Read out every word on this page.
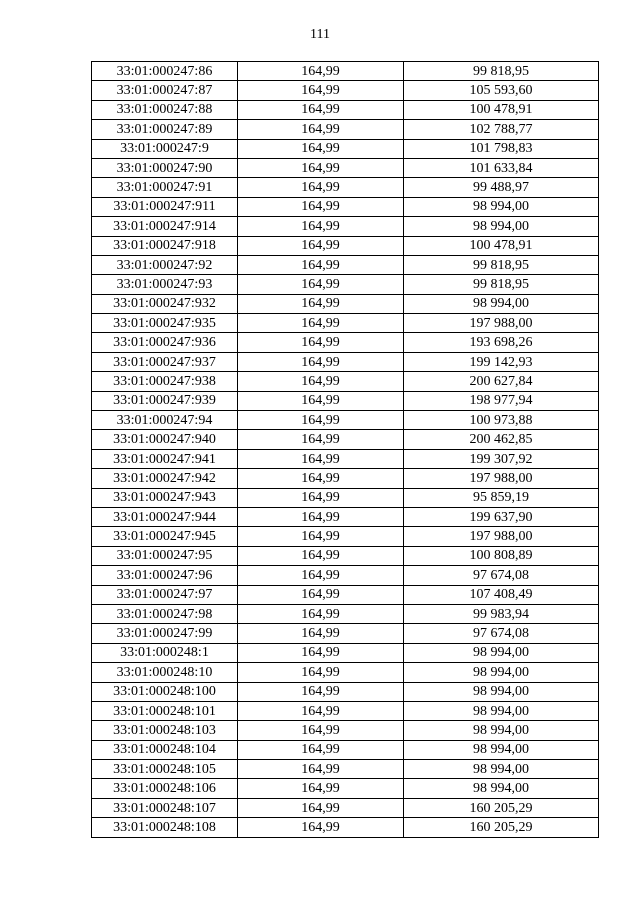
111
33:01:000247:86	164,99	99 818,95
33:01:000247:87	164,99	105 593,60
33:01:000247:88	164,99	100 478,91
33:01:000247:89	164,99	102 788,77
33:01:000247:9	164,99	101 798,83
33:01:000247:90	164,99	101 633,84
33:01:000247:91	164,99	99 488,97
33:01:000247:911	164,99	98 994,00
33:01:000247:914	164,99	98 994,00
33:01:000247:918	164,99	100 478,91
33:01:000247:92	164,99	99 818,95
33:01:000247:93	164,99	99 818,95
33:01:000247:932	164,99	98 994,00
33:01:000247:935	164,99	197 988,00
33:01:000247:936	164,99	193 698,26
33:01:000247:937	164,99	199 142,93
33:01:000247:938	164,99	200 627,84
33:01:000247:939	164,99	198 977,94
33:01:000247:94	164,99	100 973,88
33:01:000247:940	164,99	200 462,85
33:01:000247:941	164,99	199 307,92
33:01:000247:942	164,99	197 988,00
33:01:000247:943	164,99	95 859,19
33:01:000247:944	164,99	199 637,90
33:01:000247:945	164,99	197 988,00
33:01:000247:95	164,99	100 808,89
33:01:000247:96	164,99	97 674,08
33:01:000247:97	164,99	107 408,49
33:01:000247:98	164,99	99 983,94
33:01:000247:99	164,99	97 674,08
33:01:000248:1	164,99	98 994,00
33:01:000248:10	164,99	98 994,00
33:01:000248:100	164,99	98 994,00
33:01:000248:101	164,99	98 994,00
33:01:000248:103	164,99	98 994,00
33:01:000248:104	164,99	98 994,00
33:01:000248:105	164,99	98 994,00
33:01:000248:106	164,99	98 994,00
33:01:000248:107	164,99	160 205,29
33:01:000248:108	164,99	160 205,29
